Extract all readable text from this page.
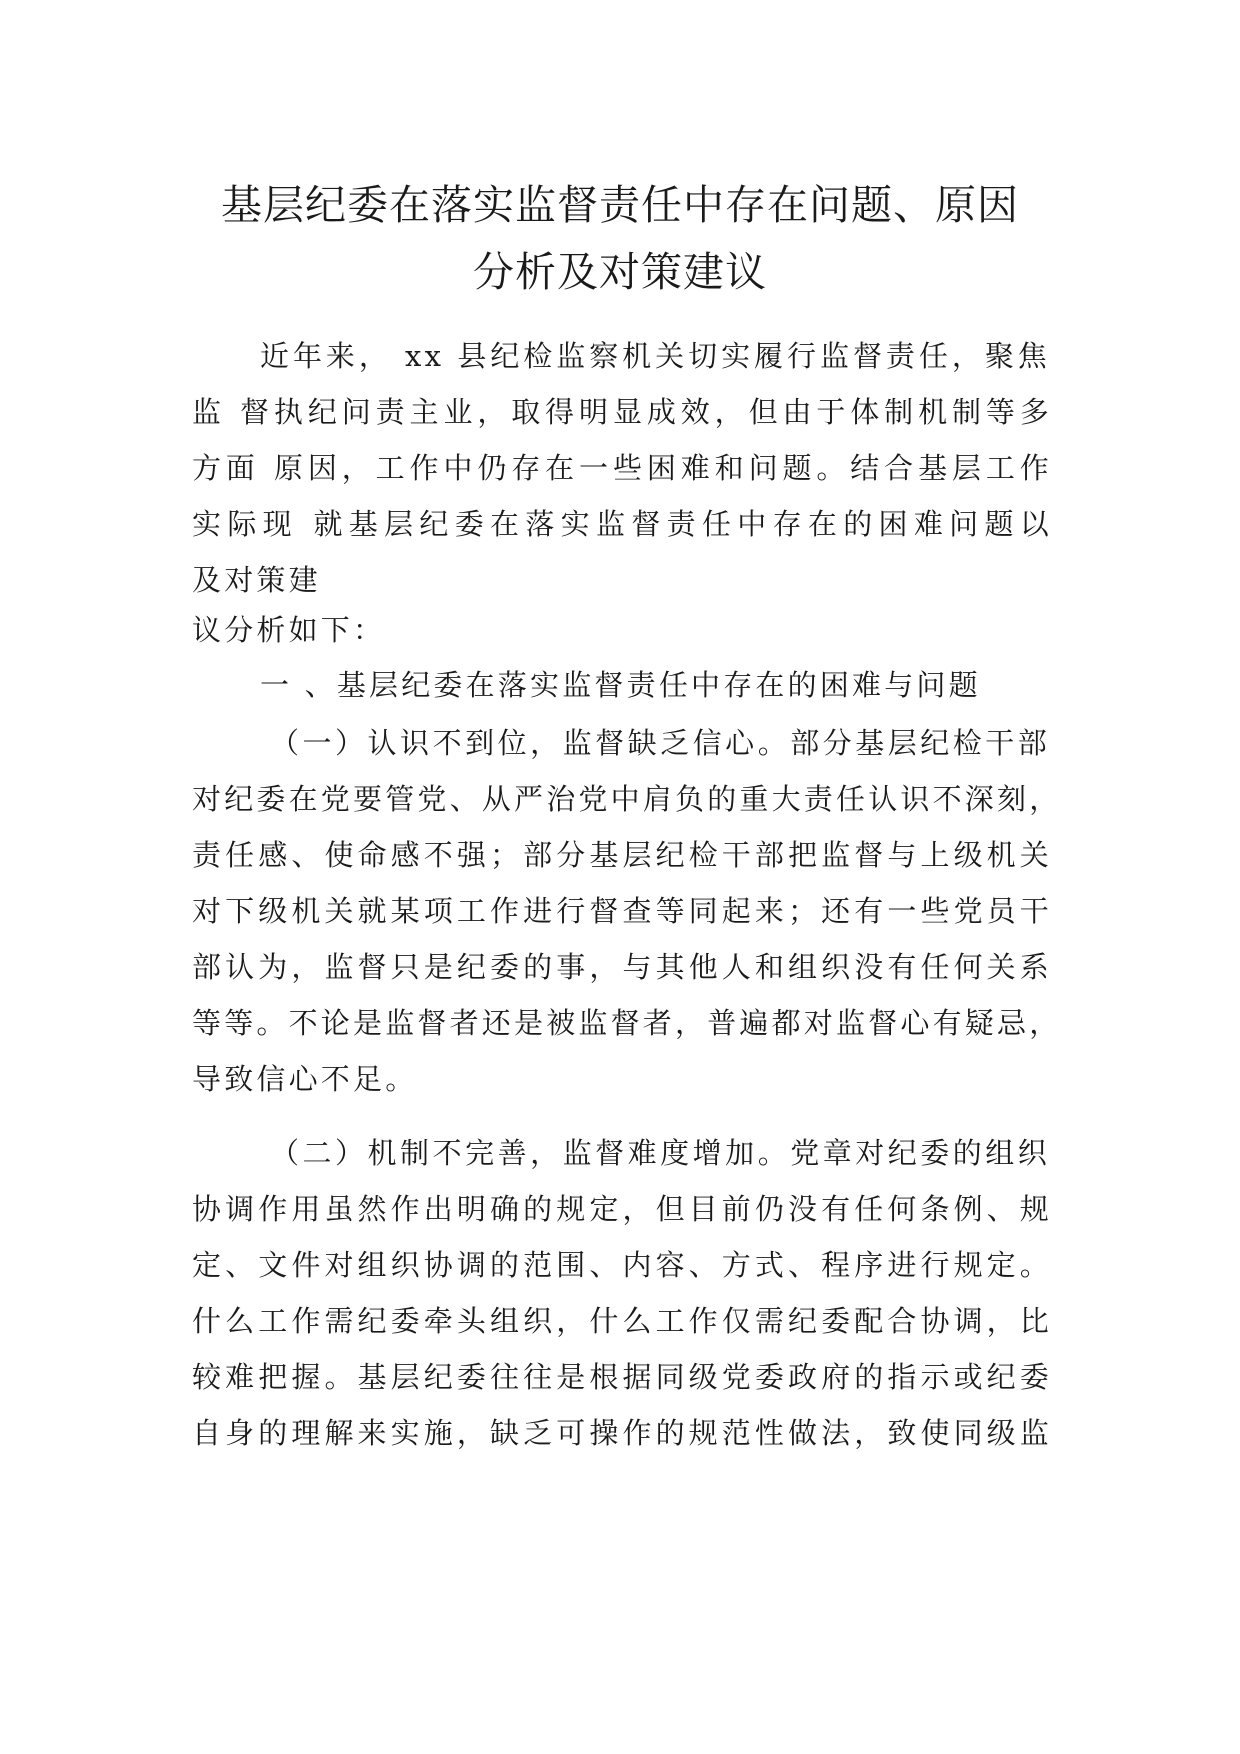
基层纪委在落实监督责任中存在问题、原因
分析及对策建议

近年来， xx 县纪检监察机关切实履行监督责任，聚焦

监 督执纪问责主业，取得明显成效，但由于体制机制等多

方面 原因，工作中仍存在一些困难和问题。结合基层工作

实际现 就基层纪委在落实监督责任中存在的困难问题以

及对策建

议分析如下：

一 、基层纪委在落实监督责任中存在的困难与问题

（一）认识不到位，监督缺乏信心。部分基层纪检干部

对纪委在党要管党、从严治党中肩负的重大责任认识不深刻，

责任感、使命感不强；部分基层纪检干部把监督与上级机关

对下级机关就某项工作进行督查等同起来；还有一些党员干

部认为，监督只是纪委的事，与其他人和组织没有任何关系

等等。不论是监督者还是被监督者，普遍都对监督心有疑忌，

导致信心不足。

（二）机制不完善，监督难度增加。党章对纪委的组织

协调作用虽然作出明确的规定，但目前仍没有任何条例、规

定、文件对组织协调的范围、内容、方式、程序进行规定。

什么工作需纪委牵头组织，什么工作仅需纪委配合协调，比

较难把握。基层纪委往往是根据同级党委政府的指示或纪委

自身的理解来实施，缺乏可操作的规范性做法，致使同级监
